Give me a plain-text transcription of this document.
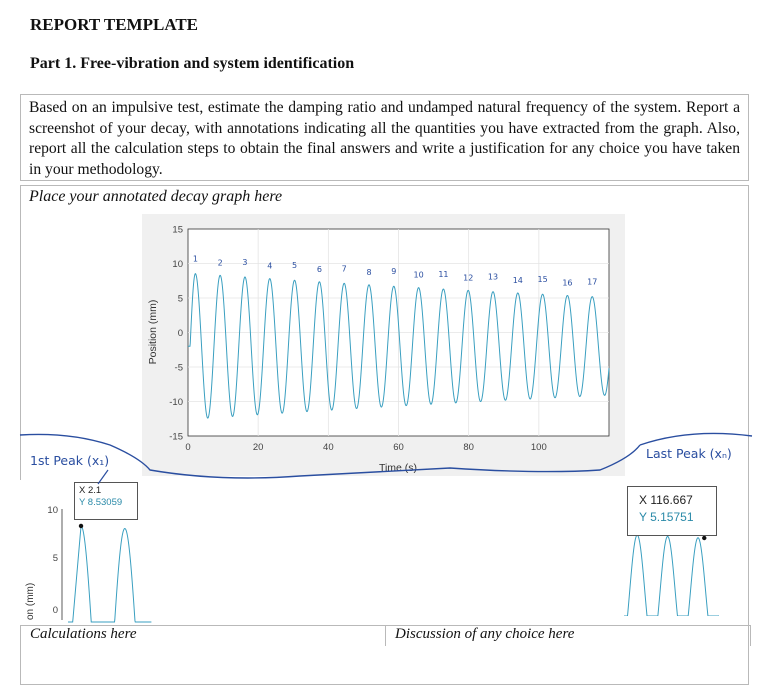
REPORT TEMPLATE
Part 1. Free-vibration and system identification
Based on an impulsive test, estimate the damping ratio and undamped natural frequency of the system. Report a screenshot of your decay, with annotations indicating all the quantities you have extracted from the graph. Also, report all the calculation steps to obtain the final answers and write a justification for any choice you have taken in your methodology.
Place your annotated decay graph here
15
10
5
0
-5
-10
-15
0	20	40	60	80	100
1 2 3 4 5 6 7 8 9 10 11 12 13 14 15 16 17
Position (mm)
Time (s)
10
5
0
on (mm)
X 2.1
Y 8.53059	X 116.667
Y 5.15751
1st Peak (x₁)	Last Peak (xₙ)
Calculations here	Discussion of any choice here
